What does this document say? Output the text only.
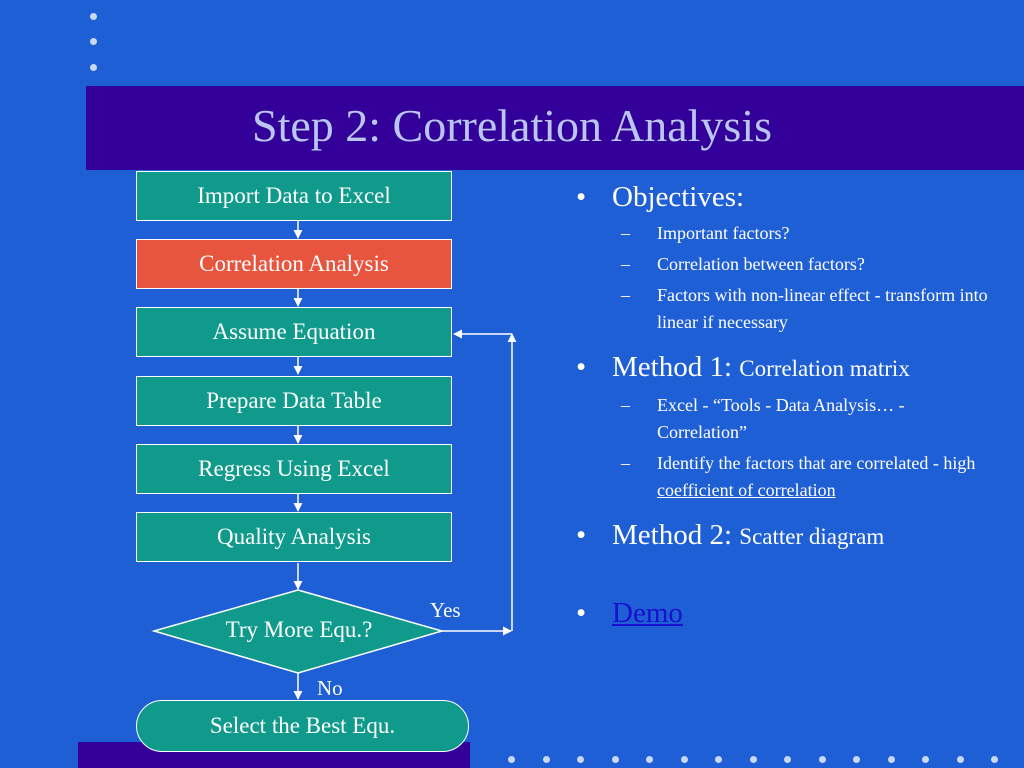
Step 2: Correlation Analysis
Import Data to Excel
Correlation Analysis
Assume Equation
Prepare Data Table
Regress Using Excel
Quality Analysis
Try More Equ.?
Yes
No
Select the Best Equ.
• Objectives:
– Important factors?
– Correlation between factors?
– Factors with non-linear effect - transform into linear if necessary
• Method 1: Correlation matrix
– Excel - “Tools - Data Analysis… - Correlation”
– Identify the factors that are correlated - high coefficient of correlation
• Method 2: Scatter diagram
• Demo
